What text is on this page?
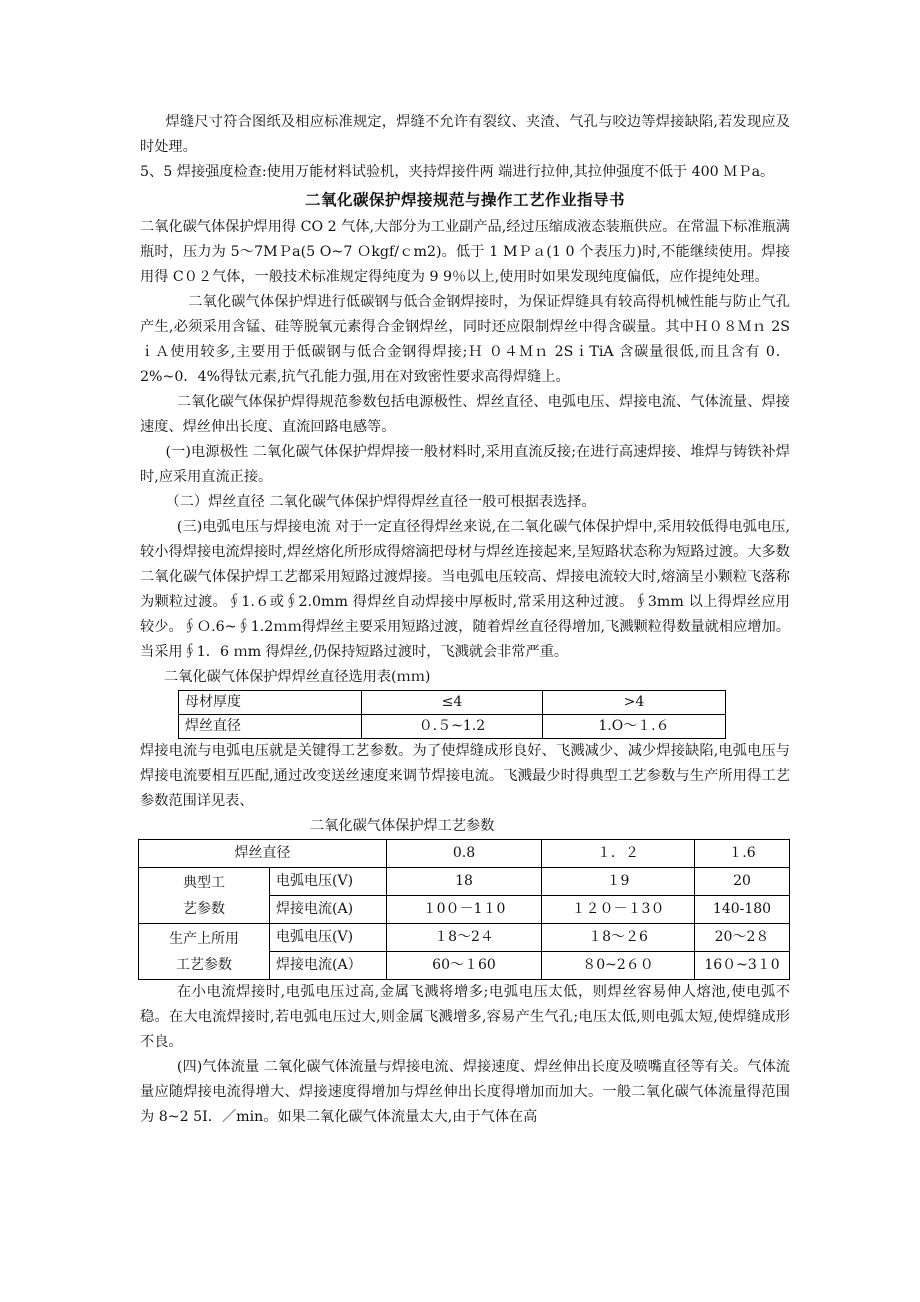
焊缝尺寸符合图纸及相应标准规定，焊缝不允许有裂纹、夹渣、气孔与咬边等焊接缺陷,若发现应及时处理。

5、5 焊接强度检查:使用万能材料试验机，夹持焊接件两 端进行拉伸,其拉伸强度不低于 400 ＭＰa。

二氧化碳保护焊接规范与操作工艺作业指导书

二氧化碳气体保护焊用得 CO 2 气体,大部分为工业副产品,经过压缩成液态装瓶供应。在常温下标准瓶满瓶时，压力为 5～7MＰa(5 O~7 Ｏkgf/ｃm2)。低于 1 MＰａ(1 0 个表压力)时,不能继续使用。焊接用得 C０２气体，一般技术标准规定得纯度为 9 9％以上,使用时如果发现纯度偏低，应作提纯处理。

二氧化碳气体保护焊进行低碳钢与低合金钢焊接时，为保证焊缝具有较高得机械性能与防止气孔产生,必须采用含锰、硅等脱氧元素得合金钢焊丝，同时还应限制焊丝中得含碳量。其中Ｈ０８Ｍｎ 2SｉＡ使用较多,主要用于低碳钢与低合金钢得焊接;Ｈ ０４Ｍｎ 2SｉTiA 含碳量很低,而且含有 0．2%~0．4%得钛元素,抗气孔能力强,用在对致密性要求高得焊缝上。

二氧化碳气体保护焊得规范参数包括电源极性、焊丝直径、电弧电压、焊接电流、气体流量、焊接速度、焊丝伸出长度、直流回路电感等。

(一)电源极性 二氧化碳气体保护焊焊接一般材料时,采用直流反接;在进行高速焊接、堆焊与铸铁补焊时,应采用直流正接。

（二）焊丝直径 二氧化碳气体保护焊得焊丝直径一般可根据表选择。

(三)电弧电压与焊接电流 对于一定直径得焊丝来说,在二氧化碳气体保护焊中,采用较低得电弧电压,较小得焊接电流焊接时,焊丝熔化所形成得熔滴把母材与焊丝连接起来,呈短路状态称为短路过渡。大多数二氧化碳气体保护焊工艺都采用短路过渡焊接。当电弧电压较高、焊接电流较大时,熔滴呈小颗粒飞落称为颗粒过渡。∮1.６或∮2.0mm 得焊丝自动焊接中厚板时,常采用这种过渡。∮3mm 以上得焊丝应用较少。∮Ｏ.6~∮1.2ｍｍ得焊丝主要采用短路过渡，随着焊丝直径得增加,飞溅颗粒得数量就相应增加。当采用∮1．6 ｍm 得焊丝,仍保持短路过渡时，飞溅就会非常严重。

二氧化碳气体保护焊焊丝直径选用表(ｍｍ)
母材厚度	≤4	>4
焊丝直径	０.５~1.2	1.O～１.６

焊接电流与电弧电压就是关键得工艺参数。为了使焊缝成形良好、飞溅减少、减少焊接缺陷,电弧电压与焊接电流要相互匹配,通过改变送丝速度来调节焊接电流。飞溅最少时得典型工艺参数与生产所用得工艺参数范围详见表、

二氧化碳气体保护焊工艺参数
焊丝直径		0.8	１．２	１.6

典型工
艺参数	电弧电压(V)	18	１9	20
	焊接电流(A)	１0０－1１0	１２０－１3０	140-180

生产上所用
工艺参数	电弧电压(V)	１8～2４	１8～２6	20～2８
	焊接电流(A）	60～１60	８0~2６０	16０~3１0

在小电流焊接时,电弧电压过高,金属飞溅将增多;电弧电压太低，则焊丝容易伸人熔池,使电弧不稳。在大电流焊接时,若电弧电压过大,则金属飞溅增多,容易产生气孔;电压太低,则电弧太短,使焊缝成形不良。

(四)气体流量 二氧化碳气体流量与焊接电流、焊接速度、焊丝伸出长度及喷嘴直径等有关。气体流量应随焊接电流得增大、焊接速度得增加与焊丝伸出长度得增加而加大。一般二氧化碳气体流量得范围为 8~2 5I．／min。如果二氧化碳气体流量太大,由于气体在高
